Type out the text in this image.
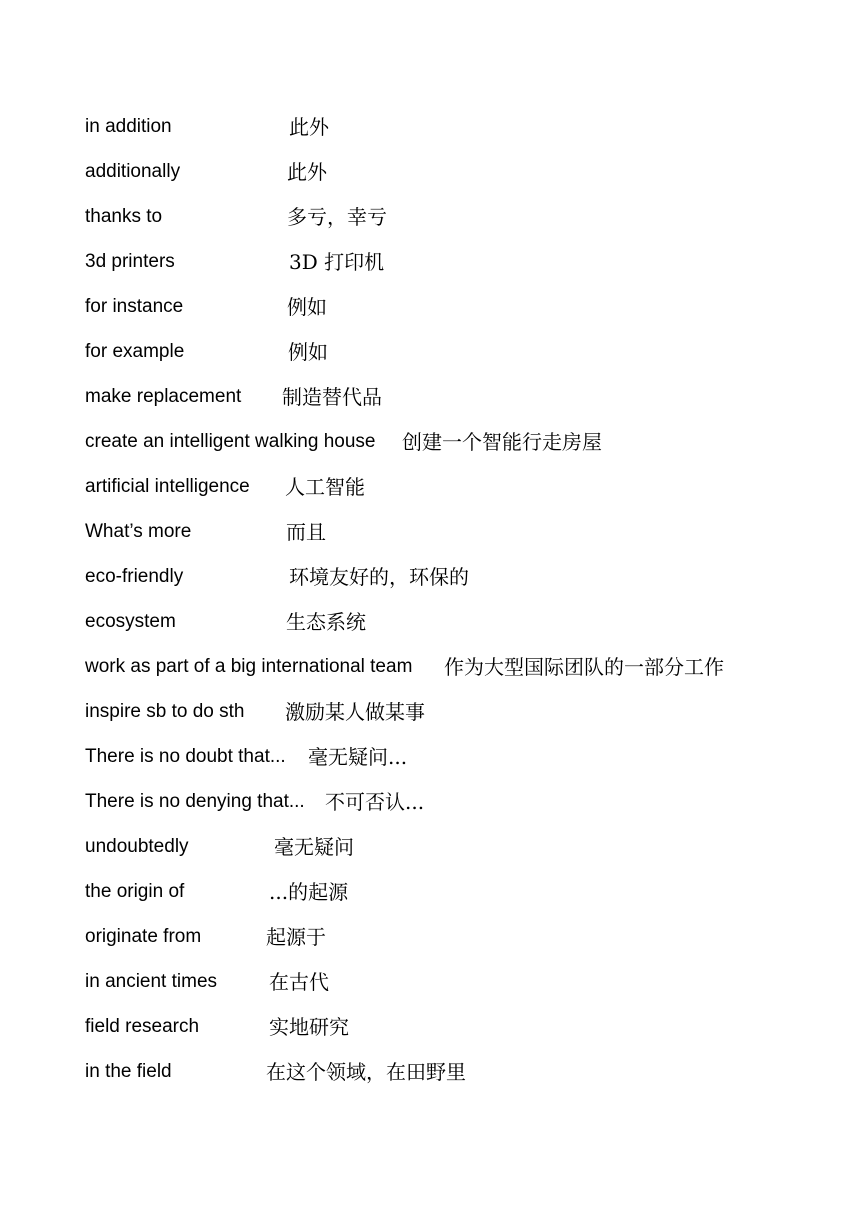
in addition	此外
additionally	此外
thanks to	多亏，幸亏
3d printers	3D 打印机
for instance	例如
for example	例如
make replacement 制造替代品
create an intelligent walking house 创建一个智能行走房屋
artificial intelligence 人工智能
What’s more	而且
eco-friendly	环境友好的，环保的
ecosystem	生态系统
work as part of a big international team 作为大型国际团队的一部分工作
inspire sb to do sth 激励某人做某事
There is no doubt that... 毫无疑问...
There is no denying that... 不可否认...
undoubtedly	毫无疑问
the origin of	...的起源
originate from	起源于
in ancient times	在古代
field research	实地研究
in the field	在这个领域，在田野里
